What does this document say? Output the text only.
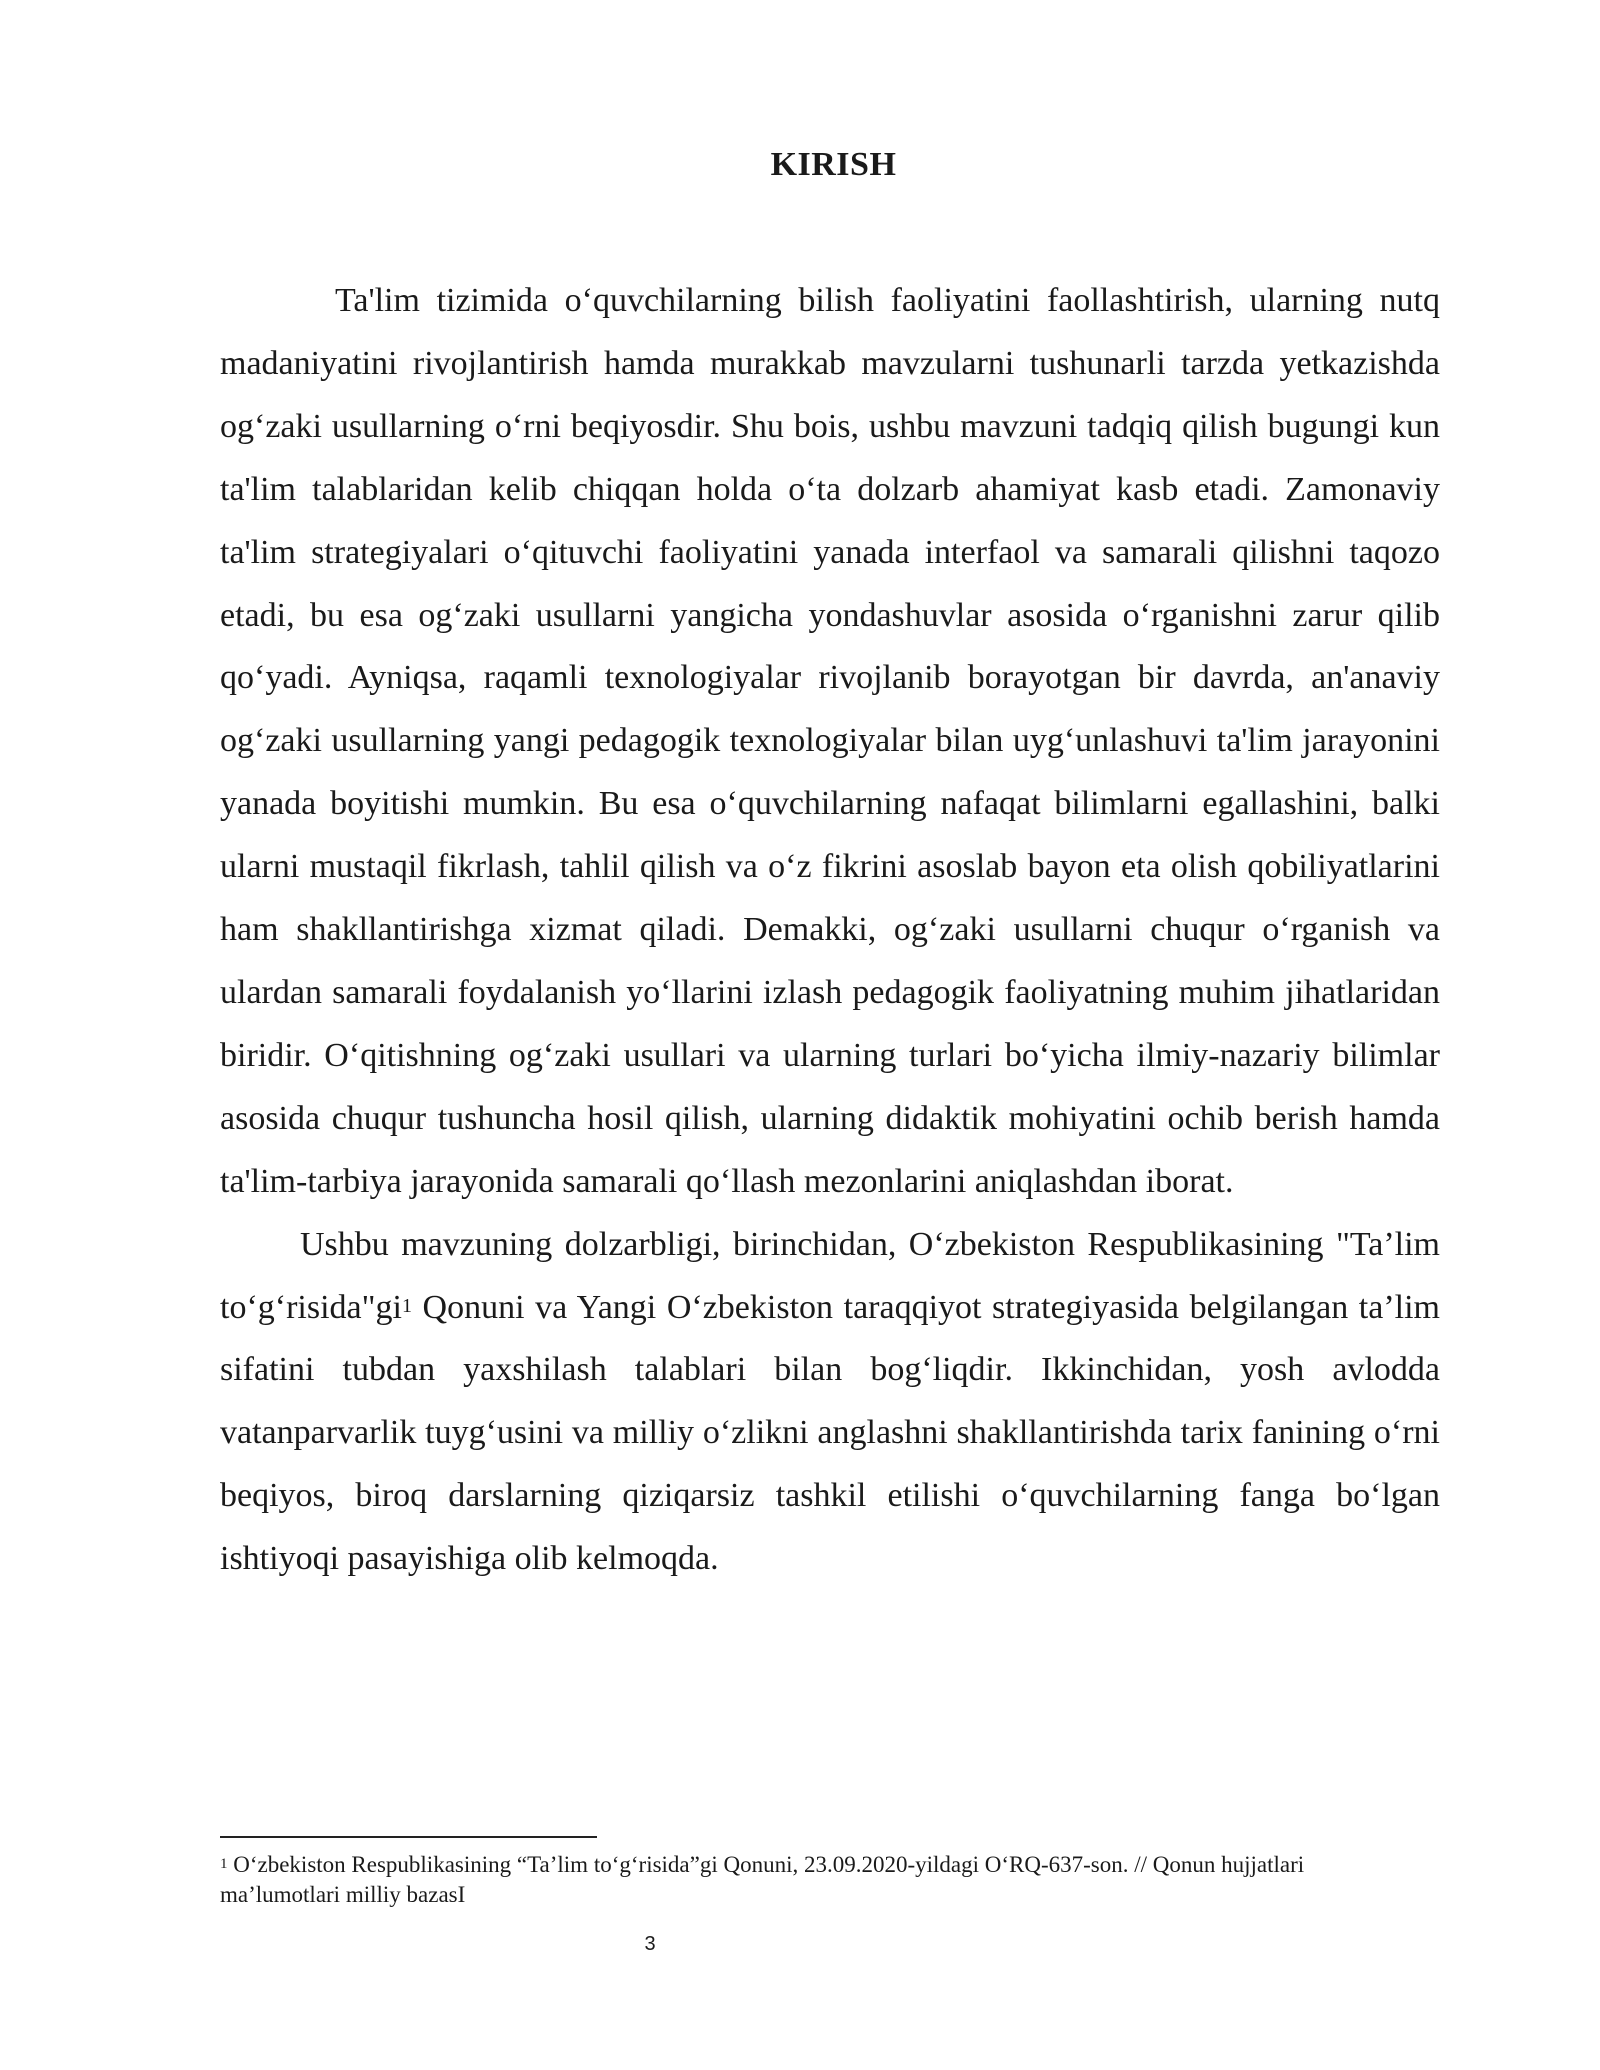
KIRISH

Ta'lim tizimida o‘quvchilarning bilish faoliyatini faollashtirish, ularning nutq madaniyatini rivojlantirish hamda murakkab mavzularni tushunarli tarzda yetkazishda og‘zaki usullarning o‘rni beqiyosdir. Shu bois, ushbu mavzuni tadqiq qilish bugungi kun ta'lim talablaridan kelib chiqqan holda o‘ta dolzarb ahamiyat kasb etadi. Zamonaviy ta'lim strategiyalari o‘qituvchi faoliyatini yanada interfaol va samarali qilishni taqozo etadi, bu esa og‘zaki usullarni yangicha yondashuvlar asosida o‘rganishni zarur qilib qo‘yadi. Ayniqsa, raqamli texnologiyalar rivojlanib borayotgan bir davrda, an'anaviy og‘zaki usullarning yangi pedagogik texnologiyalar bilan uyg‘unlashuvi ta'lim jarayonini yanada boyitishi mumkin. Bu esa o‘quvchilarning nafaqat bilimlarni egallashini, balki ularni mustaqil fikrlash, tahlil qilish va o‘z fikrini asoslab bayon eta olish qobiliyatlarini ham shakllantirishga xizmat qiladi. Demakki, og‘zaki usullarni chuqur o‘rganish va ulardan samarali foydalanish yo‘llarini izlash pedagogik faoliyatning muhim jihatlaridan biridir. O‘qitishning og‘zaki usullari va ularning turlari bo‘yicha ilmiy-nazariy bilimlar asosida chuqur tushuncha hosil qilish, ularning didaktik mohiyatini ochib berish hamda ta'lim-tarbiya jarayonida samarali qo‘llash mezonlarini aniqlashdan iborat.

Ushbu mavzuning dolzarbligi, birinchidan, O‘zbekiston Respublikasining "Ta’lim to‘g‘risida"gi$^1$ Qonuni va Yangi O‘zbekiston taraqqiyot strategiyasida belgilangan ta’lim sifatini tubdan yaxshilash talablari bilan bog‘liqdir. Ikkinchidan, yosh avlodda vatanparvarlik tuyg‘usini va milliy o‘zlikni anglashni shakllantirishda tarix fanining o‘rni beqiyos, biroq darslarning qiziqarsiz tashkil etilishi o‘quvchilarning fanga bo‘lgan ishtiyoqi pasayishiga olib kelmoqda.

$^1$ O‘zbekiston Respublikasining “Ta’lim to‘g‘risida”gi Qonuni, 23.09.2020-yildagi O‘RQ-637-son. // Qonun hujjatlari ma’lumotlari milliy bazasI
3
